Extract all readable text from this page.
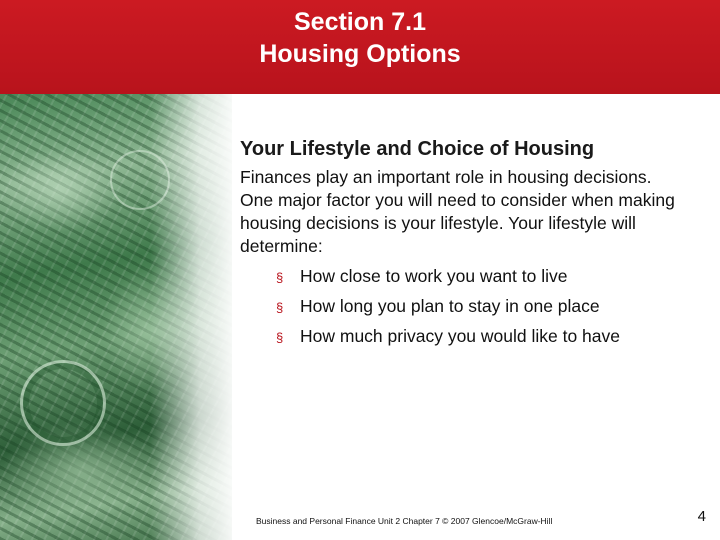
Section 7.1
Housing Options
Your Lifestyle and Choice of Housing

Finances play an important role in housing decisions.

One major factor you will need to consider when making housing decisions is your lifestyle. Your lifestyle will determine:

§ How close to work you want to live
§ How long you plan to stay in one place
§ How much privacy you would like to have
Business and Personal Finance Unit 2 Chapter 7 © 2007 Glencoe/McGraw-Hill	4
